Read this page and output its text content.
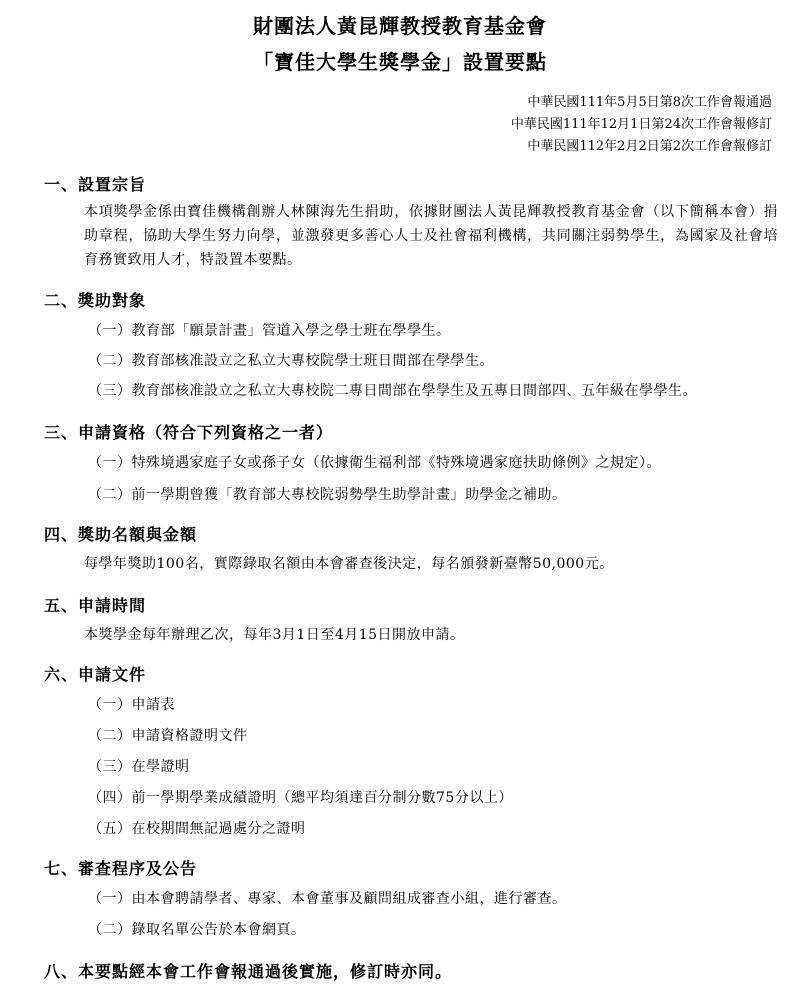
財團法人黃昆輝教授教育基金會
「寶佳大學生獎學金」設置要點
中華民國111年5月5日第8次工作會報通過
中華民國111年12月1日第24次工作會報修訂
中華民國112年2月2日第2次工作會報修訂
一、設置宗旨
本項獎學金係由寶佳機構創辦人林陳海先生捐助，依據財團法人黃昆輝教授教育基金會（以下簡稱本會）捐助章程，協助大學生努力向學，並激發更多善心人士及社會福利機構，共同關注弱勢學生，為國家及社會培育務實致用人才，特設置本要點。
二、獎助對象
（一）教育部「願景計畫」管道入學之學士班在學學生。
（二）教育部核准設立之私立大專校院學士班日間部在學學生。
（三）教育部核准設立之私立大專校院二專日間部在學學生及五專日間部四、五年級在學學生。
三、申請資格（符合下列資格之一者）
（一）特殊境遇家庭子女或孫子女（依據衛生福利部《特殊境遇家庭扶助條例》之規定）。
（二）前一學期曾獲「教育部大專校院弱勢學生助學計畫」助學金之補助。
四、獎助名額與金額
每學年獎助100名，實際錄取名額由本會審查後決定，每名頒發新臺幣50,000元。
五、申請時間
本獎學金每年辦理乙次，每年3月1日至4月15日開放申請。
六、申請文件
（一）申請表
（二）申請資格證明文件
（三）在學證明
（四）前一學期學業成績證明（總平均須達百分制分數75分以上）
（五）在校期間無記過處分之證明
七、審查程序及公告
（一）由本會聘請學者、專家、本會董事及顧問組成審查小組，進行審查。
（二）錄取名單公告於本會網頁。
八、本要點經本會工作會報通過後實施，修訂時亦同。
